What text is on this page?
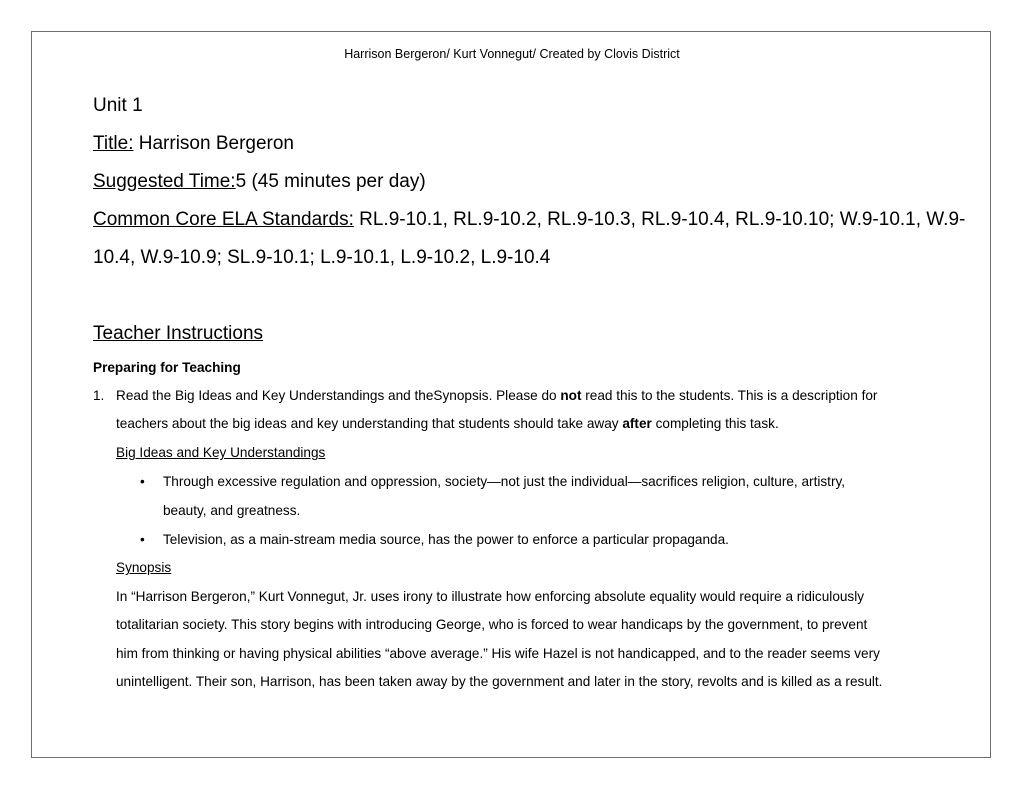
Harrison Bergeron/ Kurt Vonnegut/ Created by Clovis District
Unit 1
Title: Harrison Bergeron
Suggested Time:5 (45 minutes per day)
Common Core ELA Standards: RL.9-10.1, RL.9-10.2, RL.9-10.3, RL.9-10.4, RL.9-10.10; W.9-10.1, W.9-
10.4, W.9-10.9; SL.9-10.1; L.9-10.1, L.9-10.2, L.9-10.4
Teacher Instructions
Preparing for Teaching
1. Read the Big Ideas and Key Understandings and theSynopsis. Please do not read this to the students. This is a description for
teachers about the big ideas and key understanding that students should take away after completing this task.
Big Ideas and Key Understandings
• Through excessive regulation and oppression, society—not just the individual—sacrifices religion, culture, artistry,
beauty, and greatness.
• Television, as a main-stream media source, has the power to enforce a particular propaganda.
Synopsis
In “Harrison Bergeron,” Kurt Vonnegut, Jr. uses irony to illustrate how enforcing absolute equality would require a ridiculously
totalitarian society. This story begins with introducing George, who is forced to wear handicaps by the government, to prevent
him from thinking or having physical abilities “above average.” His wife Hazel is not handicapped, and to the reader seems very
unintelligent. Their son, Harrison, has been taken away by the government and later in the story, revolts and is killed as a result.
